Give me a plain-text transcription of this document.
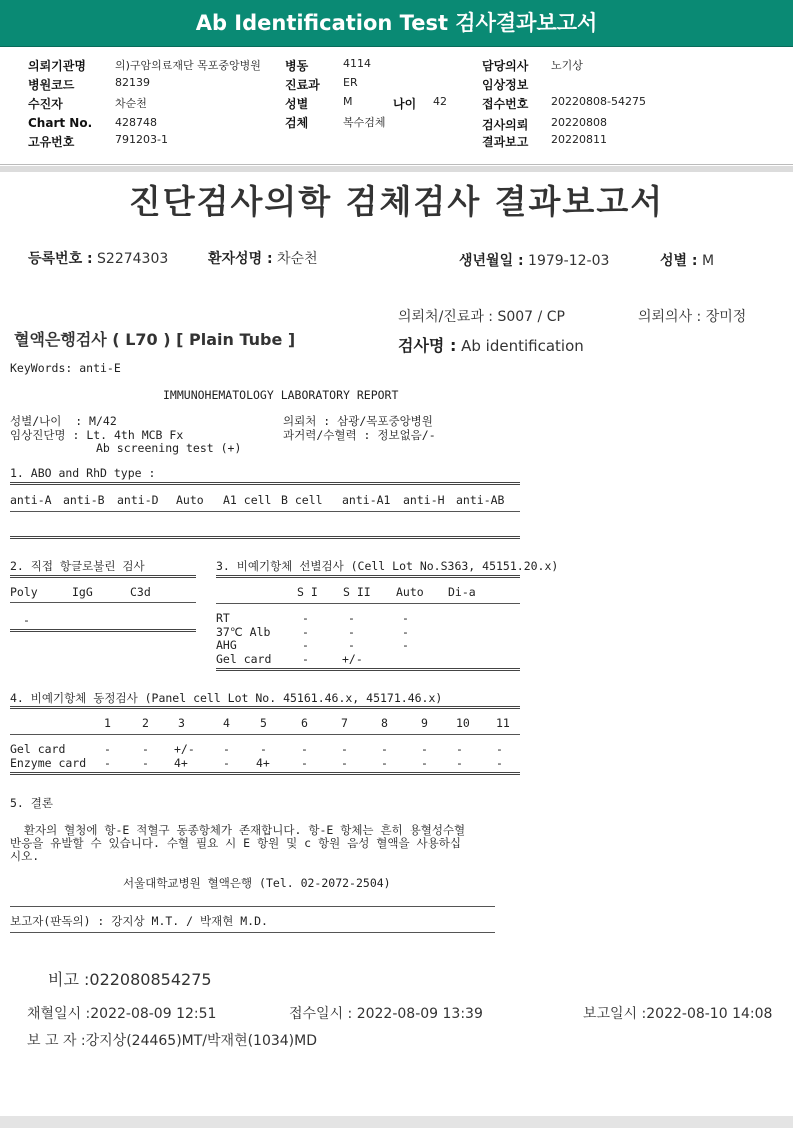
Ab Identification Test 검사결과보고서
의뢰기관명	의)구암의료재단 목포중앙병원
병원코드	82139
수진자	차순천
Chart No. 428748
고유번호	791203-1
병동	4114
진료과 ER
성별	M	나이 42
검체	복수검체
담당의사 노기상
임상정보
접수번호 20220808-54275
검사의뢰 20220808
결과보고 20220811
진단검사의학 검체검사 결과보고서
등록번호 : S2274303	환자성명 : 차순천	생년월일 : 1979-12-03	성별 : M
의뢰처/진료과 : S007 / CP	의뢰의사 : 장미정
혈액은행검사 ( L70 ) [ Plain Tube ]	검사명 : Ab identification
KeyWords: anti-E
IMMUNOHEMATOLOGY LABORATORY REPORT
성별/나이  : M/42	의뢰처 : 삼광/목포중앙병원
임상진단명 : Lt. 4th MCB Fx	과거력/수혈력 : 정보없음/-
Ab screening test (+)
1. ABO and RhD type :
anti-A anti-B anti-D Auto A1 cell B cell anti-A1 anti-H anti-AB
2. 직접 항글로불린 검사
Poly	IgG	C3d
-
3. 비예기항체 선별검사 (Cell Lot No.S363, 45151.20.x)
S I S II Auto Di-a
RT	-	-	-
37℃ Alb	-	-	-
AHG	-	-	-
Gel card	-	+/-
4. 비예기항체 동정검사 (Panel cell Lot No. 45161.46.x, 45171.46.x)
1	2	3	4	5	6	7	8	9 10 11
Gel card	-	- +/- -	-	-	-	-	- -	-
Enzyme card -	- 4+	- 4+	-	-	-	- -	-
5. 결론
환자의 혈청에 항-E 적혈구 동종항체가 존재합니다. 항-E 항체는 흔히 용혈성수혈
반응을 유발할 수 있습니다. 수혈 필요 시 E 항원 및 c 항원 음성 혈액을 사용하십
시오.
서울대학교병원 혈액은행 (Tel. 02-2072-2504)
보고자(판독의) : 강지상 M.T. / 박재현 M.D.
비고 :022080854275
채혈일시 :2022-08-09 12:51	접수일시 : 2022-08-09 13:39	보고일시 :2022-08-10 14:08
보 고 자 :강지상(24465)MT/박재현(1034)MD
